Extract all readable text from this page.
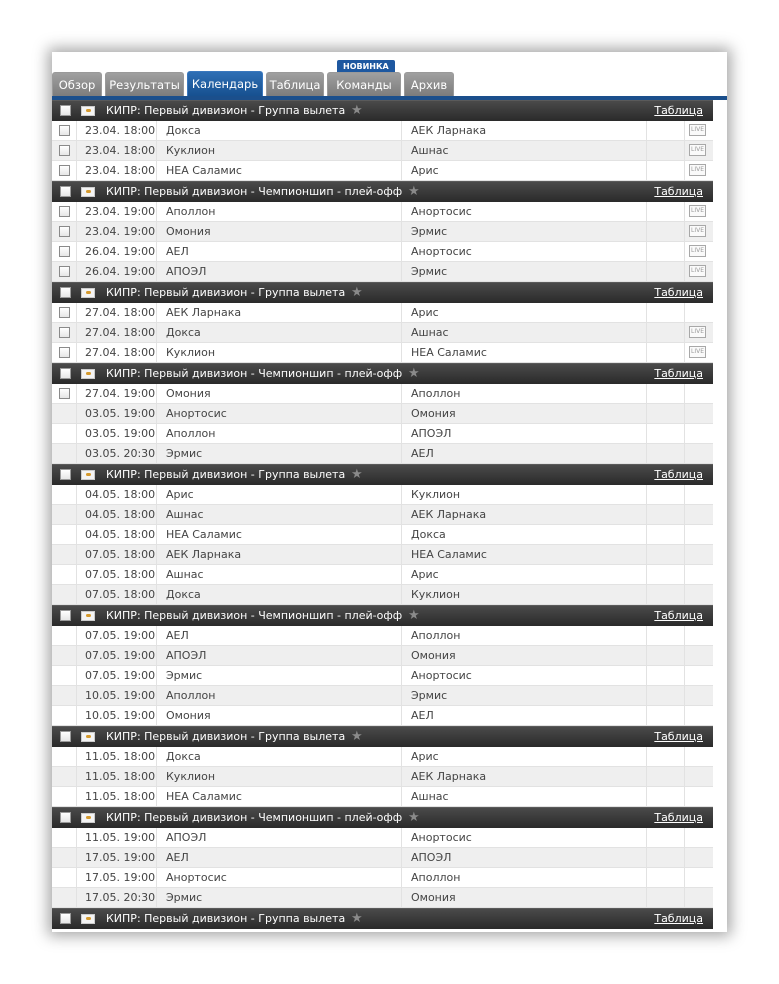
Обзор	Результаты	Календарь Таблица
НОВИНКА
Команды	Архив
КИПР: Первый дивизион - Группа вылета ★	Таблица
23.04. 18:00 Докса	АЕК Ларнака	LIVE
23.04. 18:00 Куклион	Ашнас	LIVE
23.04. 18:00 НЕА Саламис	Арис	LIVE
КИПР: Первый дивизион - Чемпионшип - плей-офф ★	Таблица
23.04. 19:00 Аполлон	Анортосис	LIVE
23.04. 19:00 Омония	Эрмис	LIVE
26.04. 19:00 АЕЛ	Анортосис	LIVE
26.04. 19:00 АПОЭЛ	Эрмис	LIVE
КИПР: Первый дивизион - Группа вылета ★	Таблица
27.04. 18:00 АЕК Ларнака	Арис
27.04. 18:00 Докса	Ашнас	LIVE
27.04. 18:00 Куклион	НЕА Саламис	LIVE
КИПР: Первый дивизион - Чемпионшип - плей-офф ★	Таблица
27.04. 19:00 Омония	Аполлон
03.05. 19:00 Анортосис	Омония
03.05. 19:00 Аполлон	АПОЭЛ
03.05. 20:30 Эрмис	АЕЛ
КИПР: Первый дивизион - Группа вылета ★	Таблица
04.05. 18:00 Арис	Куклион
04.05. 18:00 Ашнас	АЕК Ларнака
04.05. 18:00 НЕА Саламис	Докса
07.05. 18:00 АЕК Ларнака	НЕА Саламис
07.05. 18:00 Ашнас	Арис
07.05. 18:00 Докса	Куклион
КИПР: Первый дивизион - Чемпионшип - плей-офф ★	Таблица
07.05. 19:00 АЕЛ	Аполлон
07.05. 19:00 АПОЭЛ	Омония
07.05. 19:00 Эрмис	Анортосис
10.05. 19:00 Аполлон	Эрмис
10.05. 19:00 Омония	АЕЛ
КИПР: Первый дивизион - Группа вылета ★	Таблица
11.05. 18:00 Докса	Арис
11.05. 18:00 Куклион	АЕК Ларнака
11.05. 18:00 НЕА Саламис	Ашнас
КИПР: Первый дивизион - Чемпионшип - плей-офф ★	Таблица
11.05. 19:00 АПОЭЛ	Анортосис
17.05. 19:00 АЕЛ	АПОЭЛ
17.05. 19:00 Анортосис	Аполлон
17.05. 20:30 Эрмис	Омония
КИПР: Первый дивизион - Группа вылета ★	Таблица
